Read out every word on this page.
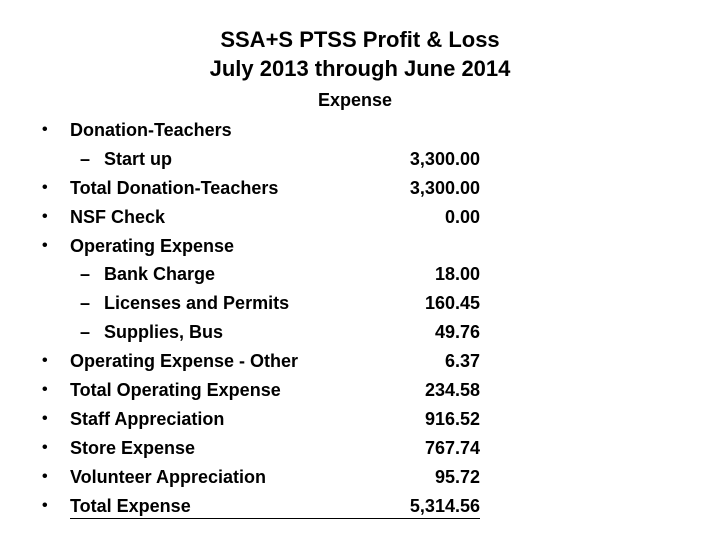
SSA+S PTSS Profit & Loss
July 2013 through June 2014
Expense
• Donation-Teachers
– Start up	3,300.00
• Total Donation-Teachers	3,300.00
• NSF Check	0.00
• Operating Expense
– Bank Charge	18.00
– Licenses and Permits	160.45
– Supplies, Bus	49.76
• Operating Expense - Other	6.37
• Total Operating Expense	234.58
• Staff Appreciation	916.52
• Store Expense	767.74
• Volunteer Appreciation	95.72
• Total Expense	5,314.56
